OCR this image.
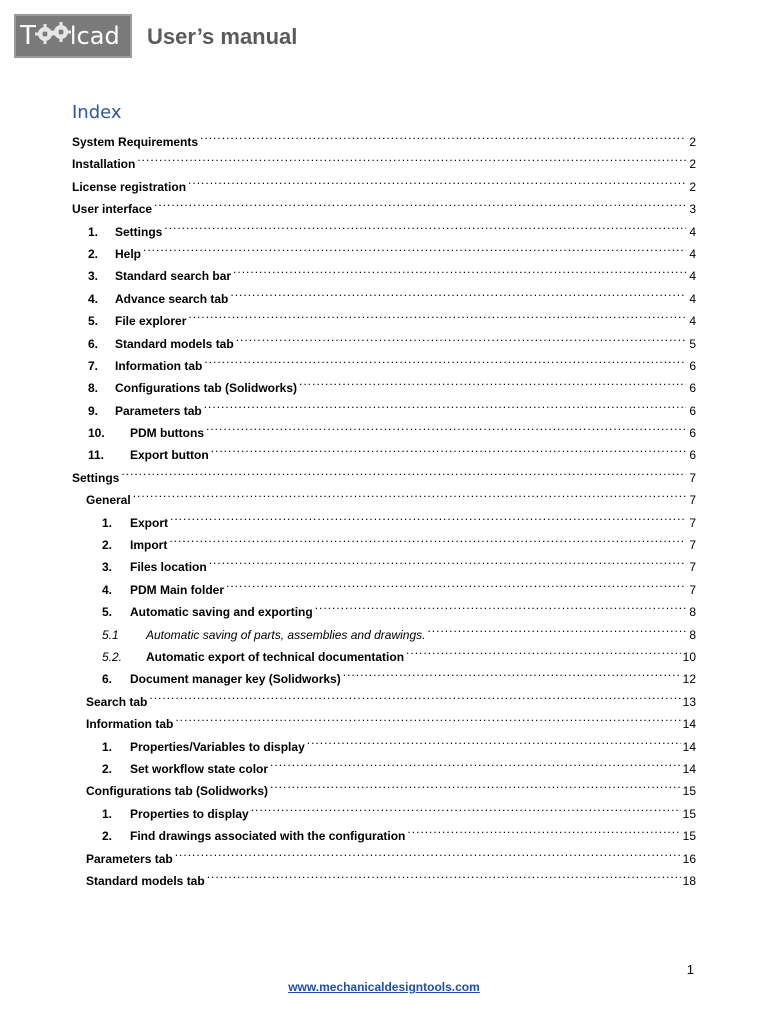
T lcad	User’s manual
Index
System Requirements .....	2
Installation .....	2
License registration .....	2
User interface .....	3
1.	Settings .....	4
2.	Help .....	4
3.	Standard search bar .....	4
4.	Advance search tab .....	4
5.	File explorer .....	4
6.	Standard models tab .....	5
7.	Information tab .....	6
8.	Configurations tab (Solidworks) .....	6
9.	Parameters tab .....	6
10.	PDM buttons .....	6
11.	Export button .....	6
Settings .....	7
General .....	7
1.	Export .....	7
2.	Import .....	7
3.	Files location .....	7
4.	PDM Main folder .....	7
5.	Automatic saving and exporting .....	8
5.1	Automatic saving of parts, assemblies and drawings. .....	8
5.2.	Automatic export of technical documentation .....	10
6.	Document manager key (Solidworks) .....	12
Search tab .....	13
Information tab .....	14
1.	Properties/Variables to display .....	14
2.	Set workflow state color .....	14
Configurations tab (Solidworks) .....	15
1.	Properties to display .....	15
2.	Find drawings associated with the configuration .....	15
Parameters tab .....	16
Standard models tab .....	18

1

www.mechanicaldesigntools.com
